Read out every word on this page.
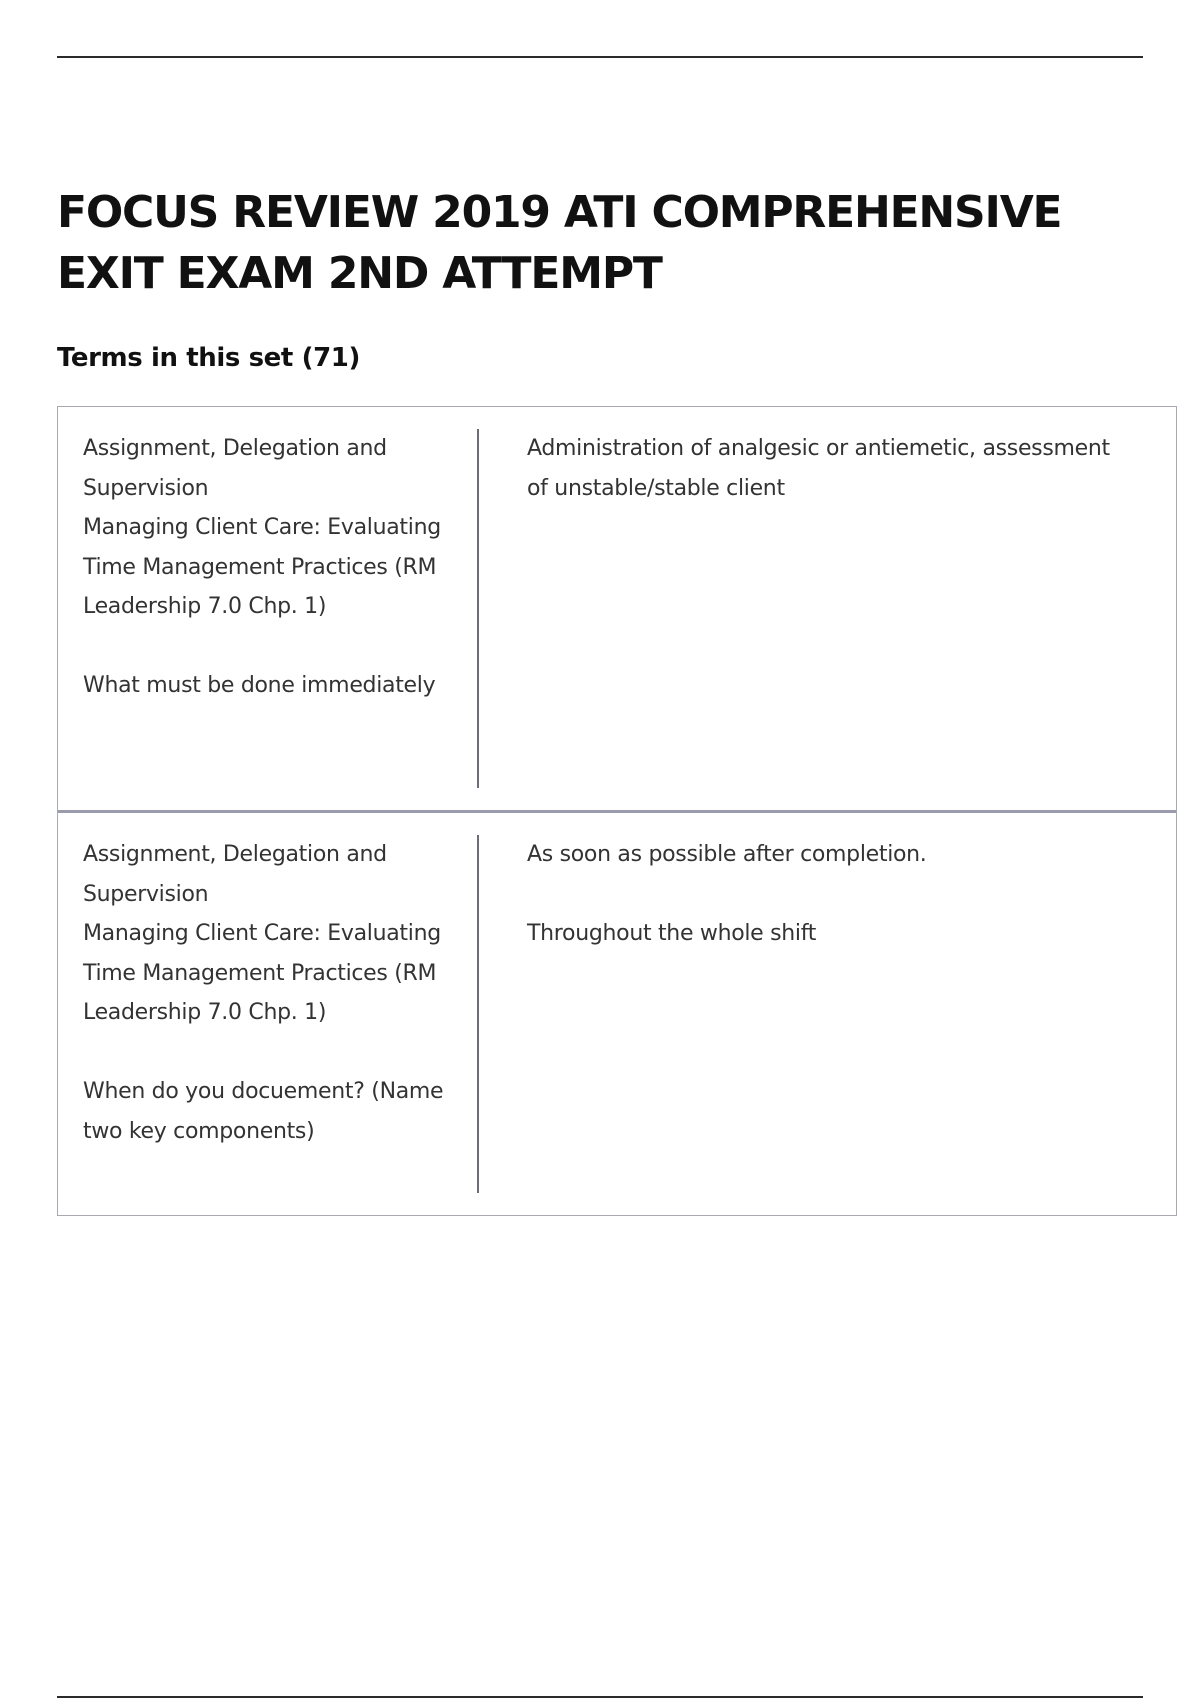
FOCUS REVIEW 2019 ATI COMPREHENSIVE EXIT EXAM 2ND ATTEMPT
Terms in this set (71)
Assignment, Delegation and Supervision
Managing Client Care: Evaluating Time Management Practices (RM Leadership 7.0 Chp. 1)

What must be done immediately
Administration of analgesic or antiemetic, assessment of unstable/stable client
Assignment, Delegation and Supervision
Managing Client Care: Evaluating Time Management Practices (RM Leadership 7.0 Chp. 1)

When do you docuement? (Name two key components)
As soon as possible after completion.

Throughout the whole shift
